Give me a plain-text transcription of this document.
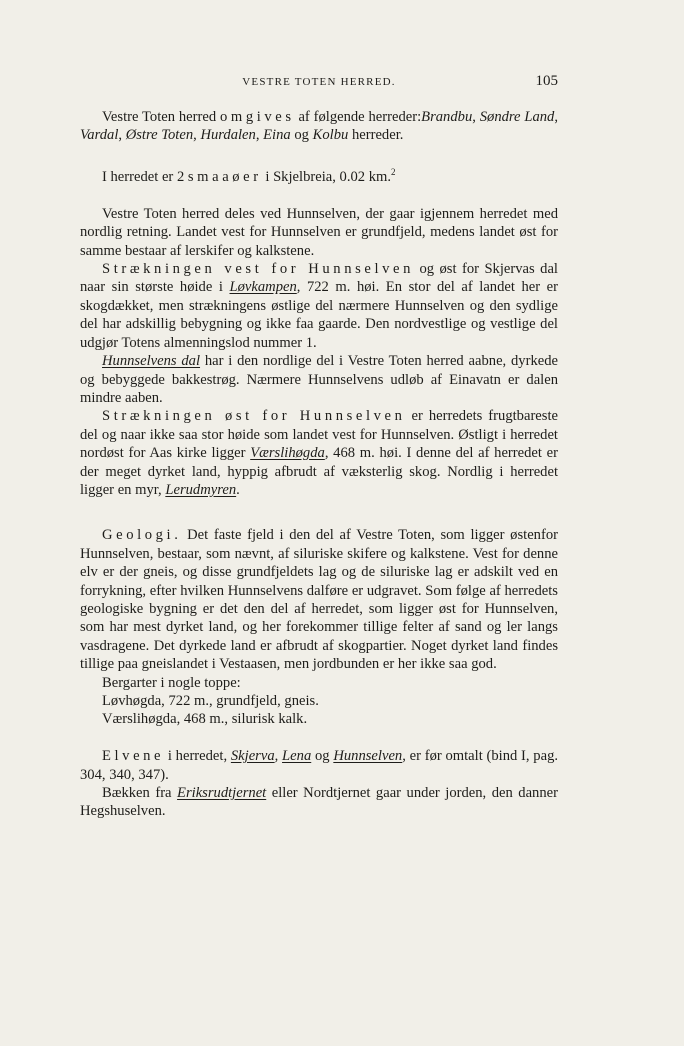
VESTRE TOTEN HERRED.	105

Vestre Toten herred omgives af følgende herreder:Brandbu, Søndre Land, Vardal, Østre Toten, Hurdalen, Eina og Kolbu herreder.

I herredet er 2 smaaøer i Skjelbreia, 0.02 km.$^2$

Vestre Toten herred deles ved Hunnselven, der gaar igjennem herredet med nordlig retning. Landet vest for Hunnselven er grundfjeld, medens landet øst for samme bestaar af lerskifer og kalkstene.

Strækningen vest for Hunnselven og øst for Skjervas dal naar sin største høide i Løvkampen, 722 m. høi. En stor del af landet her er skogdækket, men strækningens østlige del nærmere Hunnselven og den sydlige del har adskillig bebygning og ikke faa gaarde. Den nordvestlige og vestlige del udgjør Totens almenningslod nummer 1.

Hunnselvens dal har i den nordlige del i Vestre Toten herred aabne, dyrkede og bebyggede bakkestrøg. Nærmere Hunnselvens udløb af Einavatn er dalen mindre aaben.

Strækningen øst for Hunnselven er herredets frugtbareste del og naar ikke saa stor høide som landet vest for Hunnselven. Østligt i herredet nordøst for Aas kirke ligger Værslihøgda, 468 m. høi. I denne del af herredet er der meget dyrket land, hyppig afbrudt af væksterlig skog. Nordlig i herredet ligger en myr, Lerudmyren.

Geologi. Det faste fjeld i den del af Vestre Toten, som ligger østenfor Hunnselven, bestaar, som nævnt, af siluriske skifere og kalkstene. Vest for denne elv er der gneis, og disse grundfjeldets lag og de siluriske lag er adskilt ved en forrykning, efter hvilken Hunnselvens dalføre er udgravet. Som følge af herredets geologiske bygning er det den del af herredet, som ligger øst for Hunnselven, som har mest dyrket land, og her forekommer tillige felter af sand og ler langs vasdragene. Det dyrkede land er afbrudt af skogpartier. Noget dyrket land findes tillige paa gneislandet i Vestaasen, men jordbunden er her ikke saa god.

Bergarter i nogle toppe:

Løvhøgda, 722 m., grundfjeld, gneis.

Værslihøgda, 468 m., silurisk kalk.

Elvene i herredet, Skjerva, Lena og Hunnselven, er før omtalt (bind I, pag. 304, 340, 347).

Bækken fra Eriksrudtjernet eller Nordtjernet gaar under jorden, den danner Hegshuselven.
